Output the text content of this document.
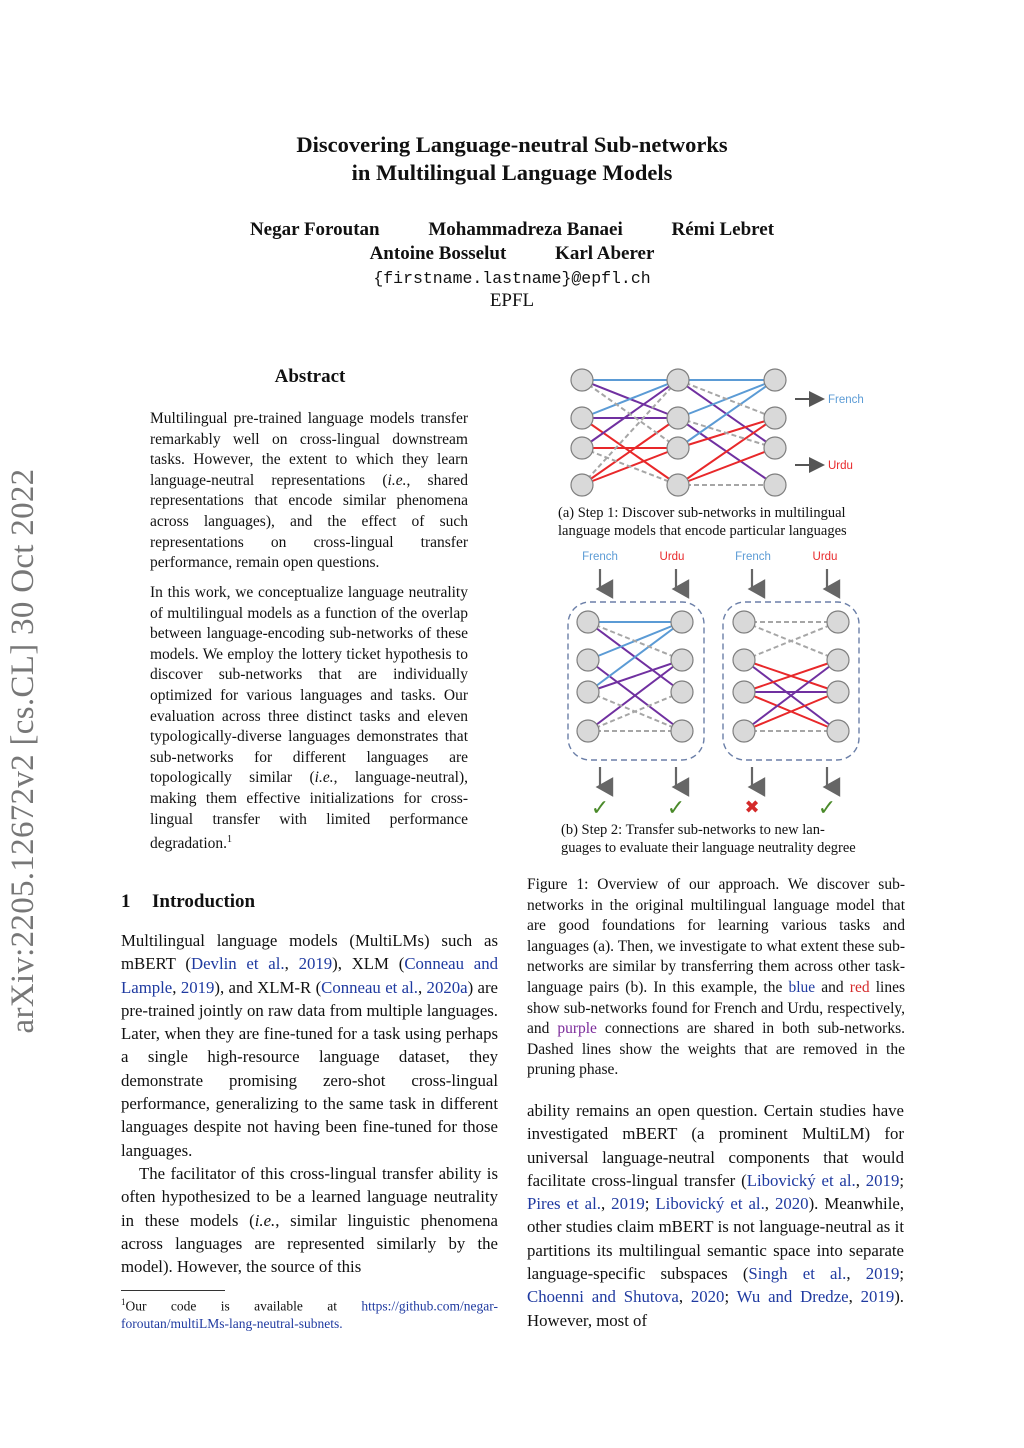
arXiv:2205.12672v2 [cs.CL] 30 Oct 2022
Discovering Language-neutral Sub-networks
in Multilingual Language Models
Negar Foroutan	Mohammadreza Banaei	Rémi Lebret
Antoine Bosselut	Karl Aberer
{firstname.lastname}@epfl.ch
EPFL
Abstract

Multilingual pre-trained language models transfer remarkably well on cross-lingual downstream tasks. However, the extent to which they learn language-neutral representations (i.e., shared representations that encode similar phenomena across languages), and the effect of such representations on cross-lingual transfer performance, remain open questions.

In this work, we conceptualize language neutrality of multilingual models as a function of the overlap between language-encoding sub-networks of these models. We employ the lottery ticket hypothesis to discover sub-networks that are individually optimized for various languages and tasks. Our evaluation across three distinct tasks and eleven typologically-diverse languages demonstrates that sub-networks for different languages are topologically similar (i.e., language-neutral), making them effective initializations for cross-lingual transfer with limited performance degradation.$^1$

1 Introduction

Multilingual language models (MultiLMs) such as mBERT (Devlin et al., 2019), XLM (Conneau and Lample, 2019), and XLM-R (Conneau et al., 2020a) are pre-trained jointly on raw data from multiple languages. Later, when they are fine-tuned for a task using perhaps a single high-resource language dataset, they demonstrate promising zero-shot cross-lingual performance, generalizing to the same task in different languages despite not having been fine-tuned for those languages.

The facilitator of this cross-lingual transfer ability is often hypothesized to be a learned language neutrality in these models (i.e., similar linguistic phenomena across languages are represented similarly by the model). However, the source of this

$^1$Our code is available at https://github.com/negar-foroutan/multiLMs-lang-neutral-subnets.
French
Urdu
(a) Step 1: Discover sub-networks in multilingual
language models that encode particular languages
French	Urdu	French	Urdu
✓	✓	✖	✓
(b) Step 2: Transfer sub-networks to new lan-
guages to evaluate their language neutrality degree
Figure 1: Overview of our approach. We discover sub-networks in the original multilingual language model that are good foundations for learning various tasks and languages (a). Then, we investigate to what extent these sub-networks are similar by transferring them across other task-language pairs (b). In this example, the blue and red lines show sub-networks found for French and Urdu, respectively, and purple connections are shared in both sub-networks. Dashed lines show the weights that are removed in the pruning phase.
ability remains an open question. Certain studies have investigated mBERT (a prominent MultiLM) for universal language-neutral components that would facilitate cross-lingual transfer (Libovický et al., 2019; Pires et al., 2019; Libovický et al., 2020). Meanwhile, other studies claim mBERT is not language-neutral as it partitions its multilingual semantic space into separate language-specific subspaces (Singh et al., 2019; Choenni and Shutova, 2020; Wu and Dredze, 2019). However, most of
